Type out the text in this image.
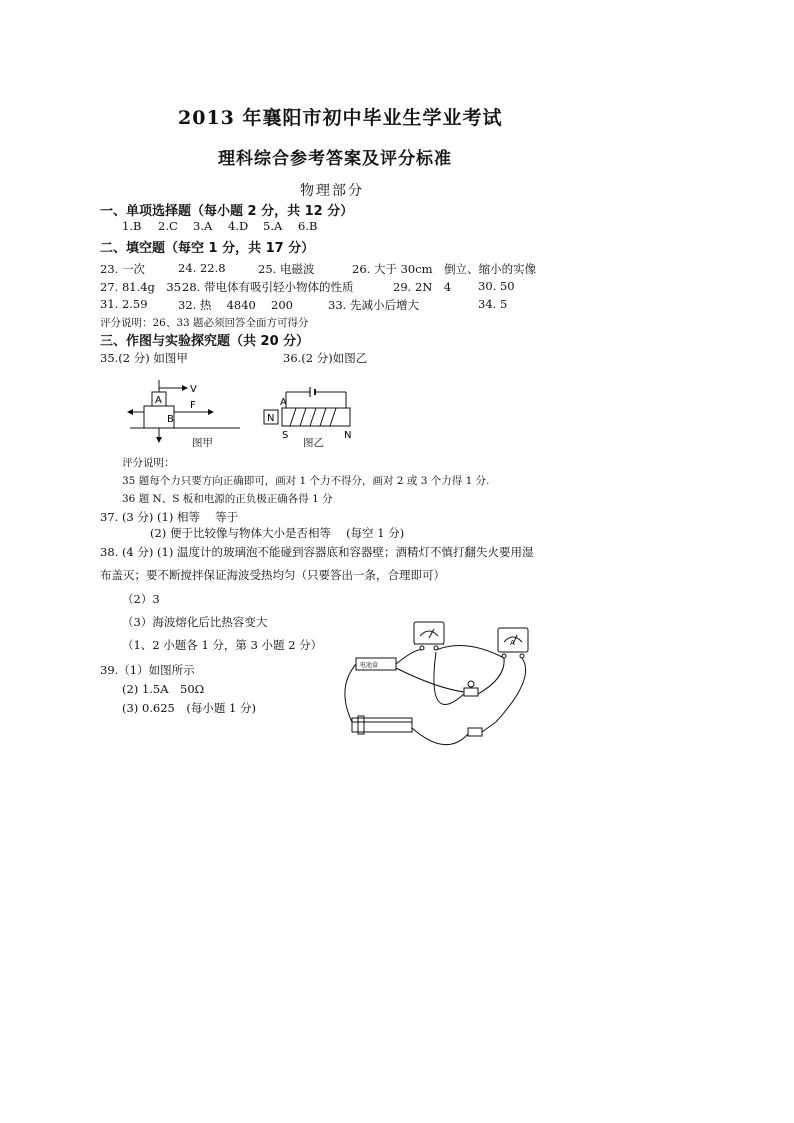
2013 年襄阳市初中毕业生学业考试
理科综合参考答案及评分标准
物理部分
一、单项选择题（每小题 2 分，共 12 分）
1.B 2.C 3.A 4.D 5.A 6.B
二、填空题（每空 1 分，共 17 分）
23. 一次	24. 22.8	25. 电磁波	26. 大于 30cm　倒立、缩小的实像
27. 81.4g　35 28. 带电体有吸引轻小物体的性质	29. 2N　4 30. 50
31. 2.59	32. 热　 4840　 200	33. 先减小后增大	34. 5
评分说明：26、33 题必须回答全面方可得分
三、作图与实验探究题（共 20 分）
35.(2 分) 如图甲	36.(2 分)如图乙
V
A
B
F
图甲
A
N
S	N
图乙
评分说明：
35 题每个力只要方向正确即可，画对 1 个力不得分，画对 2 或 3 个力得 1 分.
36 题 N、S 板和电源的正负极正确各得 1 分
37. (3 分) (1) 相等　 等于
(2) 便于比较像与物体大小是否相等　 (每空 1 分)
38. (4 分) (1) 温度计的玻璃泡不能碰到容器底和容器壁；酒精灯不慎打翻失火要用湿
布盖灭；要不断搅拌保证海波受热均匀（只要答出一条，合理即可）
（2）3
（3）海波熔化后比热容变大
（1、2 小题各 1 分，第 3 小题 2 分）
39.（1）如图所示
(2) 1.5A　50Ω
(3) 0.625　(每小题 1 分)
电池盒
A
